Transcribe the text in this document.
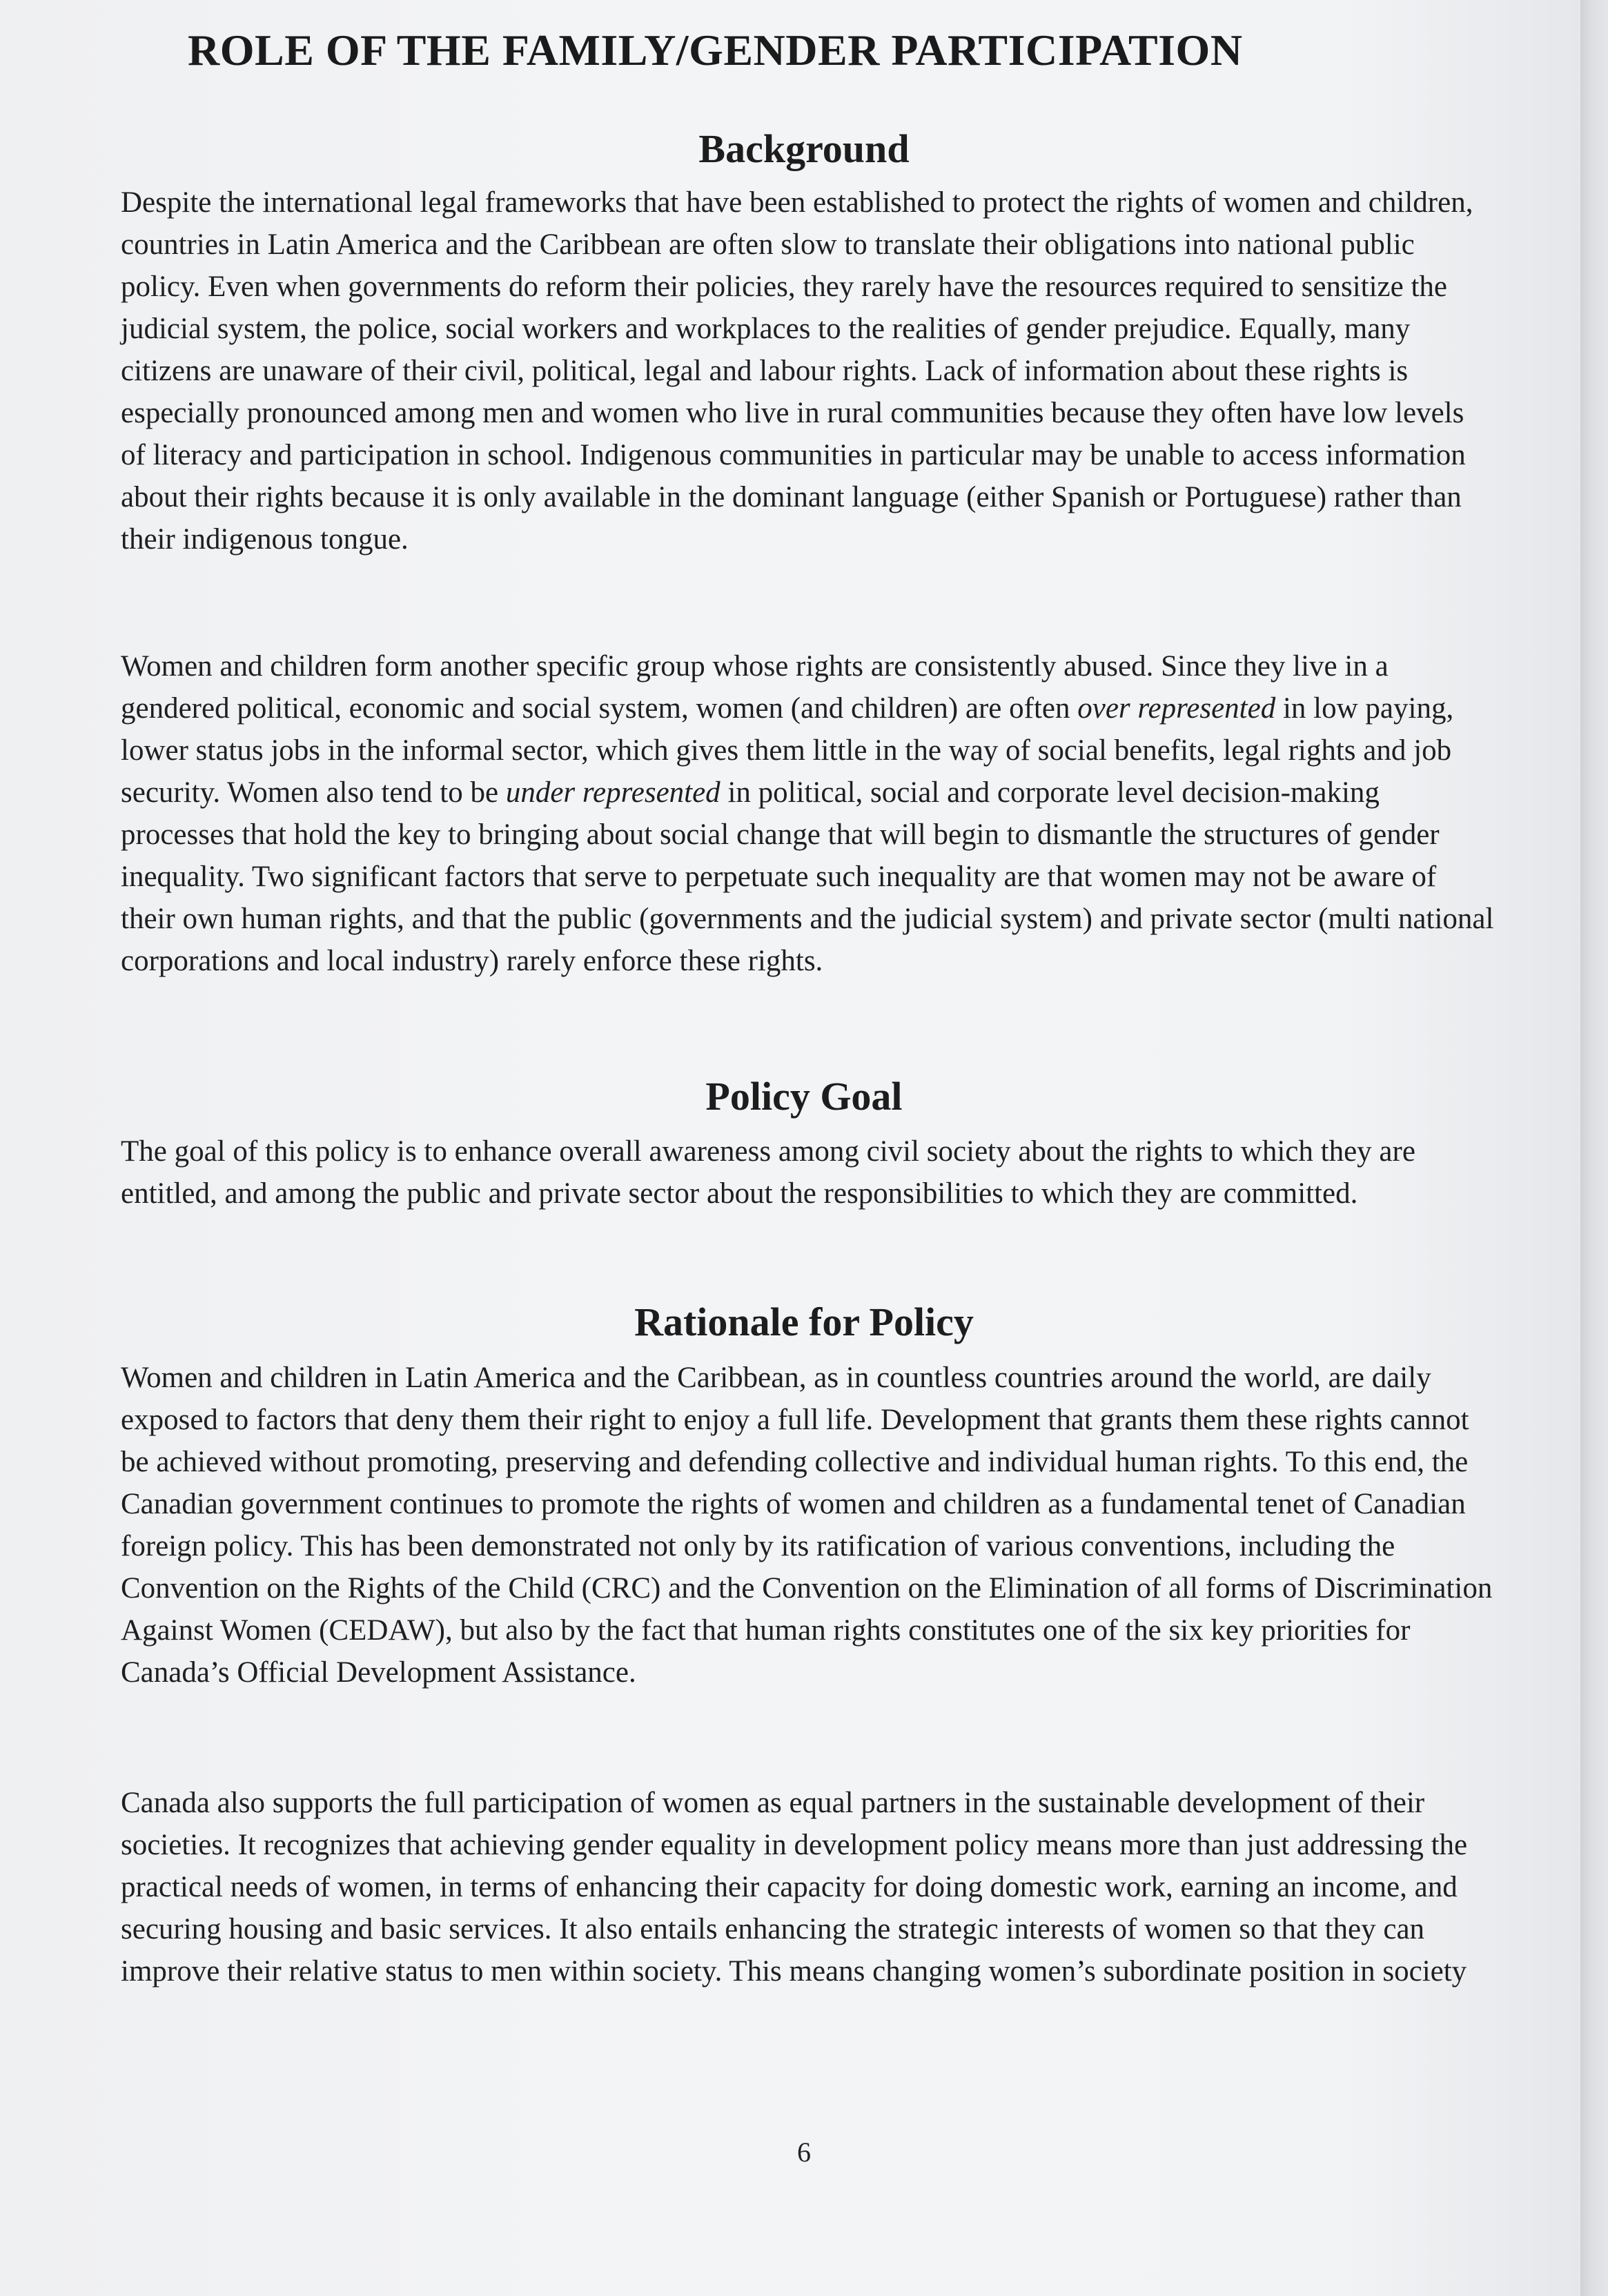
ROLE OF THE FAMILY/GENDER PARTICIPATION
Background

Despite the international legal frameworks that have been established to protect the rights of women and children, countries in Latin America and the Caribbean are often slow to translate their obligations into national public policy. Even when governments do reform their policies, they rarely have the resources required to sensitize the judicial system, the police, social workers and workplaces to the realities of gender prejudice. Equally, many citizens are unaware of their civil, political, legal and labour rights. Lack of information about these rights is especially pronounced among men and women who live in rural communities because they often have low levels of literacy and participation in school. Indigenous communities in particular may be unable to access information about their rights because it is only available in the dominant language (either Spanish or Portuguese) rather than their indigenous tongue.

Women and children form another specific group whose rights are consistently abused. Since they live in a gendered political, economic and social system, women (and children) are often over represented in low paying, lower status jobs in the informal sector, which gives them little in the way of social benefits, legal rights and job security. Women also tend to be under represented in political, social and corporate level decision-making processes that hold the key to bringing about social change that will begin to dismantle the structures of gender inequality. Two significant factors that serve to perpetuate such inequality are that women may not be aware of their own human rights, and that the public (governments and the judicial system) and private sector (multi national corporations and local industry) rarely enforce these rights.

Policy Goal

The goal of this policy is to enhance overall awareness among civil society about the rights to which they are entitled, and among the public and private sector about the responsibilities to which they are committed.

Rationale for Policy

Women and children in Latin America and the Caribbean, as in countless countries around the world, are daily exposed to factors that deny them their right to enjoy a full life. Development that grants them these rights cannot be achieved without promoting, preserving and defending collective and individual human rights. To this end, the Canadian government continues to promote the rights of women and children as a fundamental tenet of Canadian foreign policy. This has been demonstrated not only by its ratification of various conventions, including the Convention on the Rights of the Child (CRC) and the Convention on the Elimination of all forms of Discrimination Against Women (CEDAW), but also by the fact that human rights constitutes one of the six key priorities for Canada’s Official Development Assistance.

Canada also supports the full participation of women as equal partners in the sustainable development of their societies. It recognizes that achieving gender equality in development policy means more than just addressing the practical needs of women, in terms of enhancing their capacity for doing domestic work, earning an income, and securing housing and basic services. It also entails enhancing the strategic interests of women so that they can improve their relative status to men within society. This means changing women’s subordinate position in society

6
